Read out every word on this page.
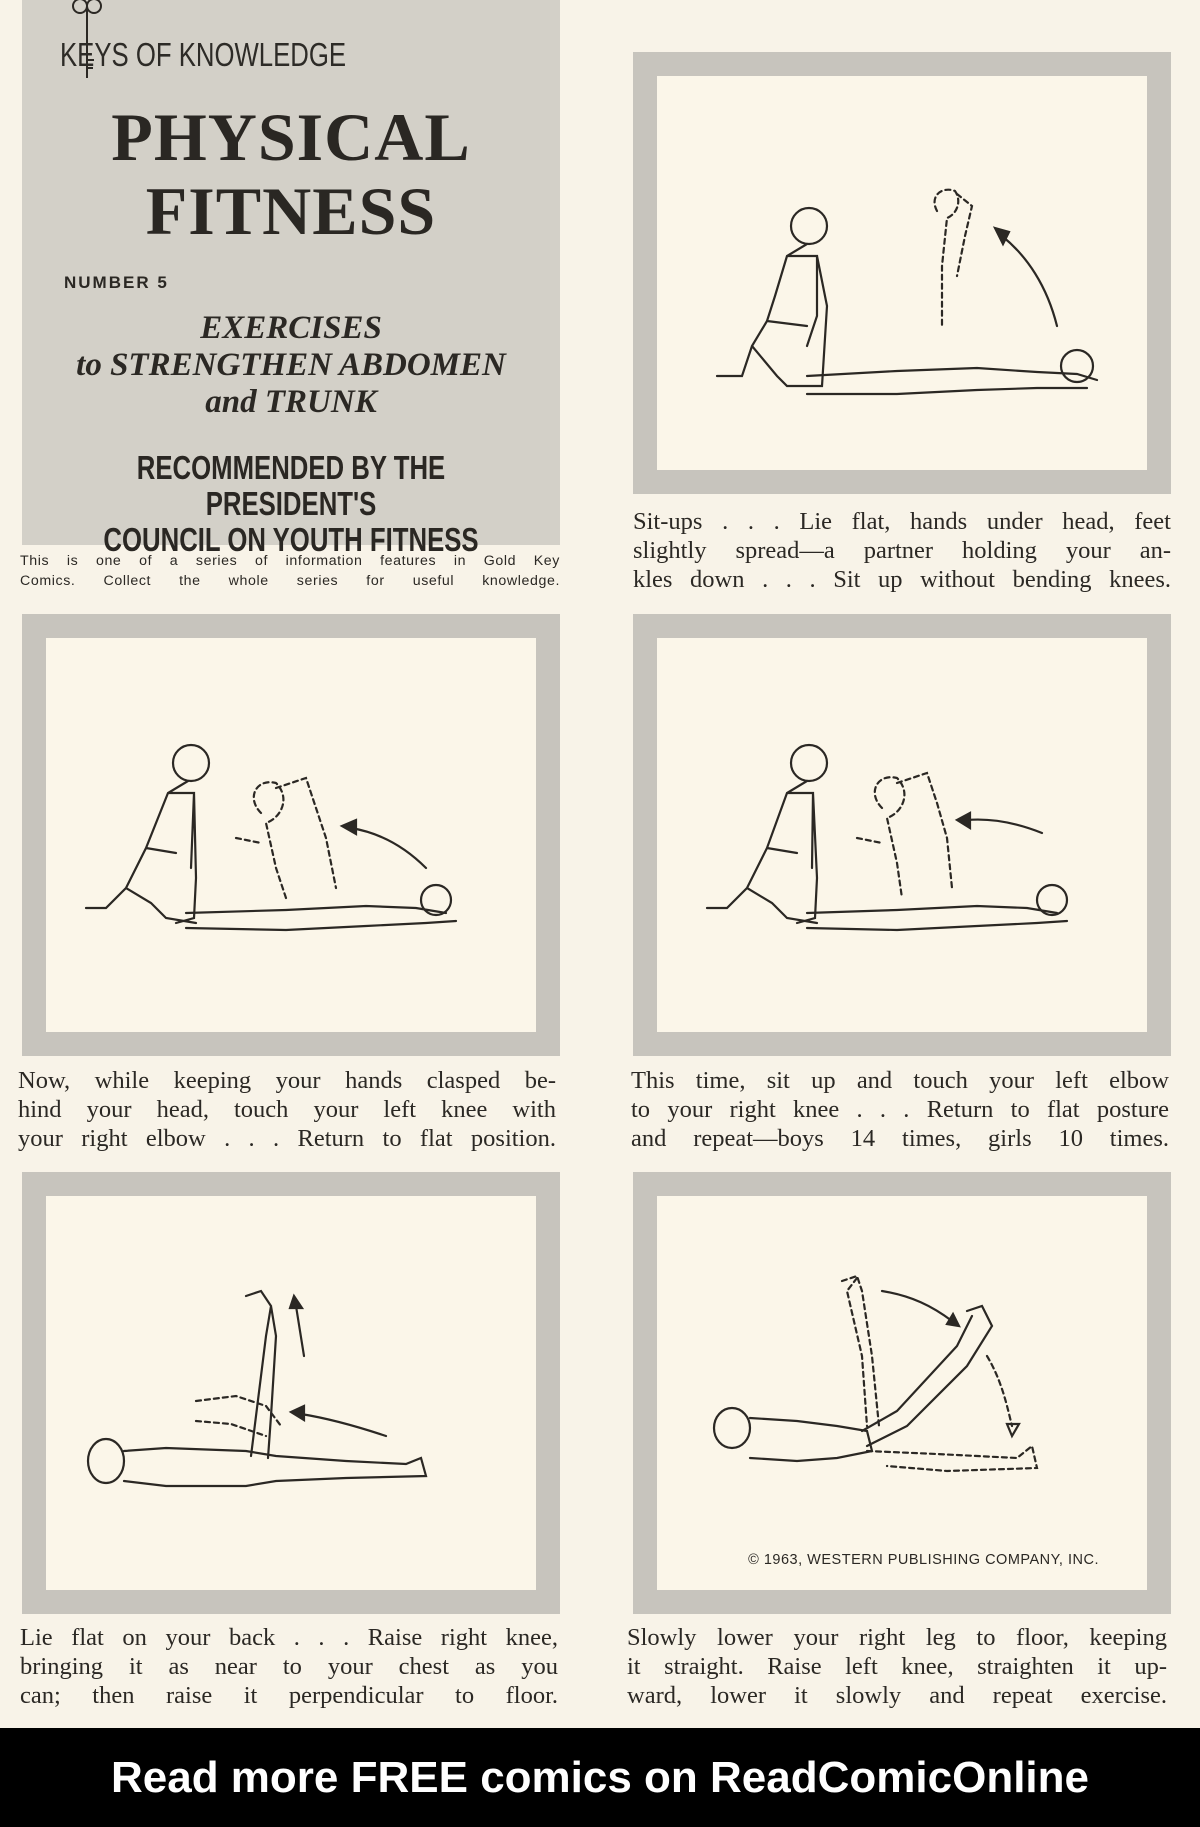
KEYS OF KNOWLEDGE
PHYSICAL
FITNESS
NUMBER 5
EXERCISES
to STRENGTHEN ABDOMEN
and TRUNK
RECOMMENDED BY THE PRESIDENT'S
COUNCIL ON YOUTH FITNESS
This is one of a series of information features in Gold Key
Comics. Collect the whole series for useful knowledge.
Sit-ups . . . Lie flat, hands under head, feet
slightly spread—a partner holding your an-
kles down . . . Sit up without bending knees.
Now, while keeping your hands clasped be-
hind your head, touch your left knee with
your right elbow . . . Return to flat position.
This time, sit up and touch your left elbow
to your right knee . . . Return to flat posture
and repeat—boys 14 times, girls 10 times.
Lie flat on your back . . . Raise right knee,
bringing it as near to your chest as you
can; then raise it perpendicular to floor.
© 1963, WESTERN PUBLISHING COMPANY, INC.
Slowly lower your right leg to floor, keeping
it straight. Raise left knee, straighten it up-
ward, lower it slowly and repeat exercise.
Read more FREE comics on ReadComicOnline
